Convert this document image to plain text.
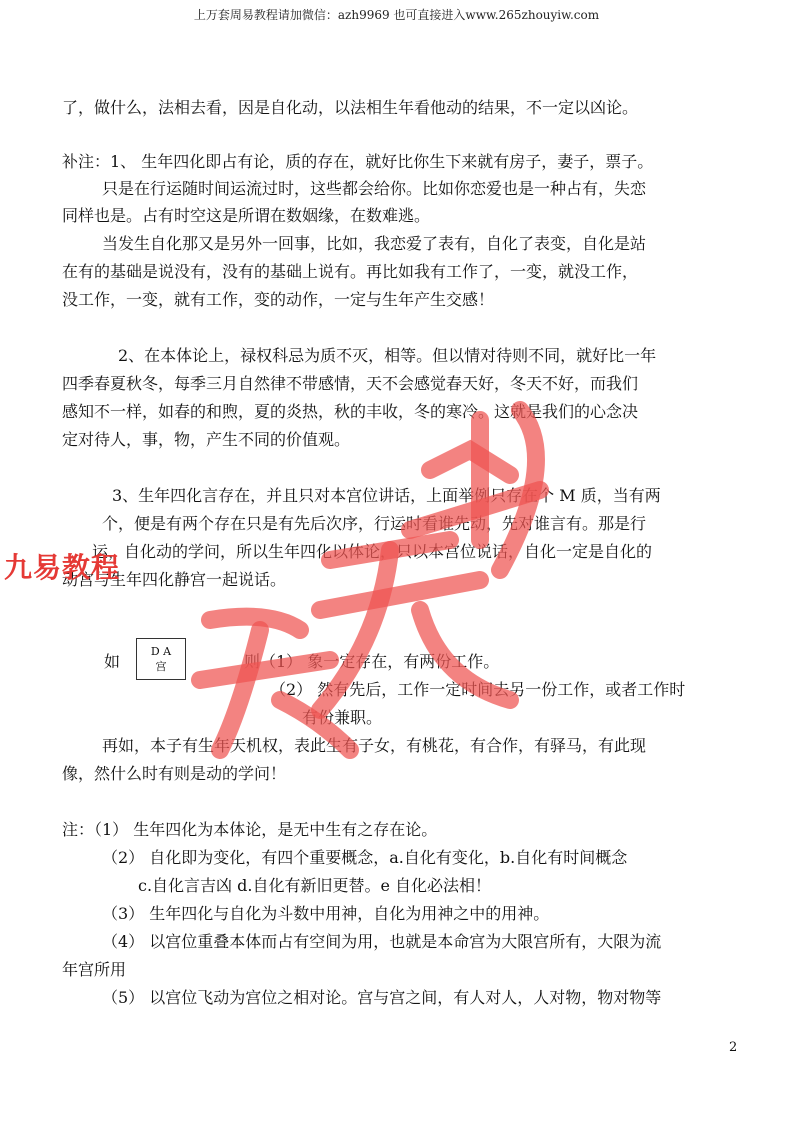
上万套周易教程请加微信：azh9969 也可直接进入www.265zhouyiw.com
了，做什么，法相去看，因是自化动，以法相生年看他动的结果，不一定以凶论。
补注：1、 生年四化即占有论，质的存在，就好比你生下来就有房子，妻子，票子。
只是在行运随时间运流过时，这些都会给你。比如你恋爱也是一种占有，失恋
同样也是。占有时空这是所谓在数姻缘，在数难逃。
当发生自化那又是另外一回事，比如，我恋爱了表有，自化了表变，自化是站
在有的基础是说没有，没有的基础上说有。再比如我有工作了，一变，就没工作，
没工作，一变，就有工作，变的动作，一定与生年产生交感！
2、在本体论上，禄权科忌为质不灭，相等。但以情对待则不同，就好比一年
四季春夏秋冬，每季三月自然律不带感情，天不会感觉春天好，冬天不好，而我们
感知不一样，如春的和煦，夏的炎热，秋的丰收，冬的寒冷。这就是我们的心念决
定对待人，事，物，产生不同的价值观。
3、生年四化言存在，并且只对本宫位讲话，上面举例只存在个 M 质，当有两
个，便是有两个存在只是有先后次序，行运时看谁先动，先对谁言有。那是行
运，自化动的学问，所以生年四化以体论，只以本宫位说话，自化一定是自化的
动宫与生年四化静宫一起说话。
如
D A
宫	则（1） 象一定存在，有两份工作。
（2） 然有先后，工作一定时间去另一份工作，或者工作时
有份兼职。
再如，本子有生年天机权，表此生有子女，有桃花，有合作，有驿马，有此现
像，然什么时有则是动的学问！
注：（1） 生年四化为本体论，是无中生有之存在论。
（2） 自化即为变化，有四个重要概念，a.自化有变化，b.自化有时间概念
c.自化言吉凶 d.自化有新旧更替。e 自化必法相！
（3） 生年四化与自化为斗数中用神，自化为用神之中的用神。
（4） 以宫位重叠本体而占有空间为用，也就是本命宫为大限宫所有，大限为流
年宫所用
（5） 以宫位飞动为宫位之相对论。宫与宫之间，有人对人，人对物，物对物等
九易教程
2
